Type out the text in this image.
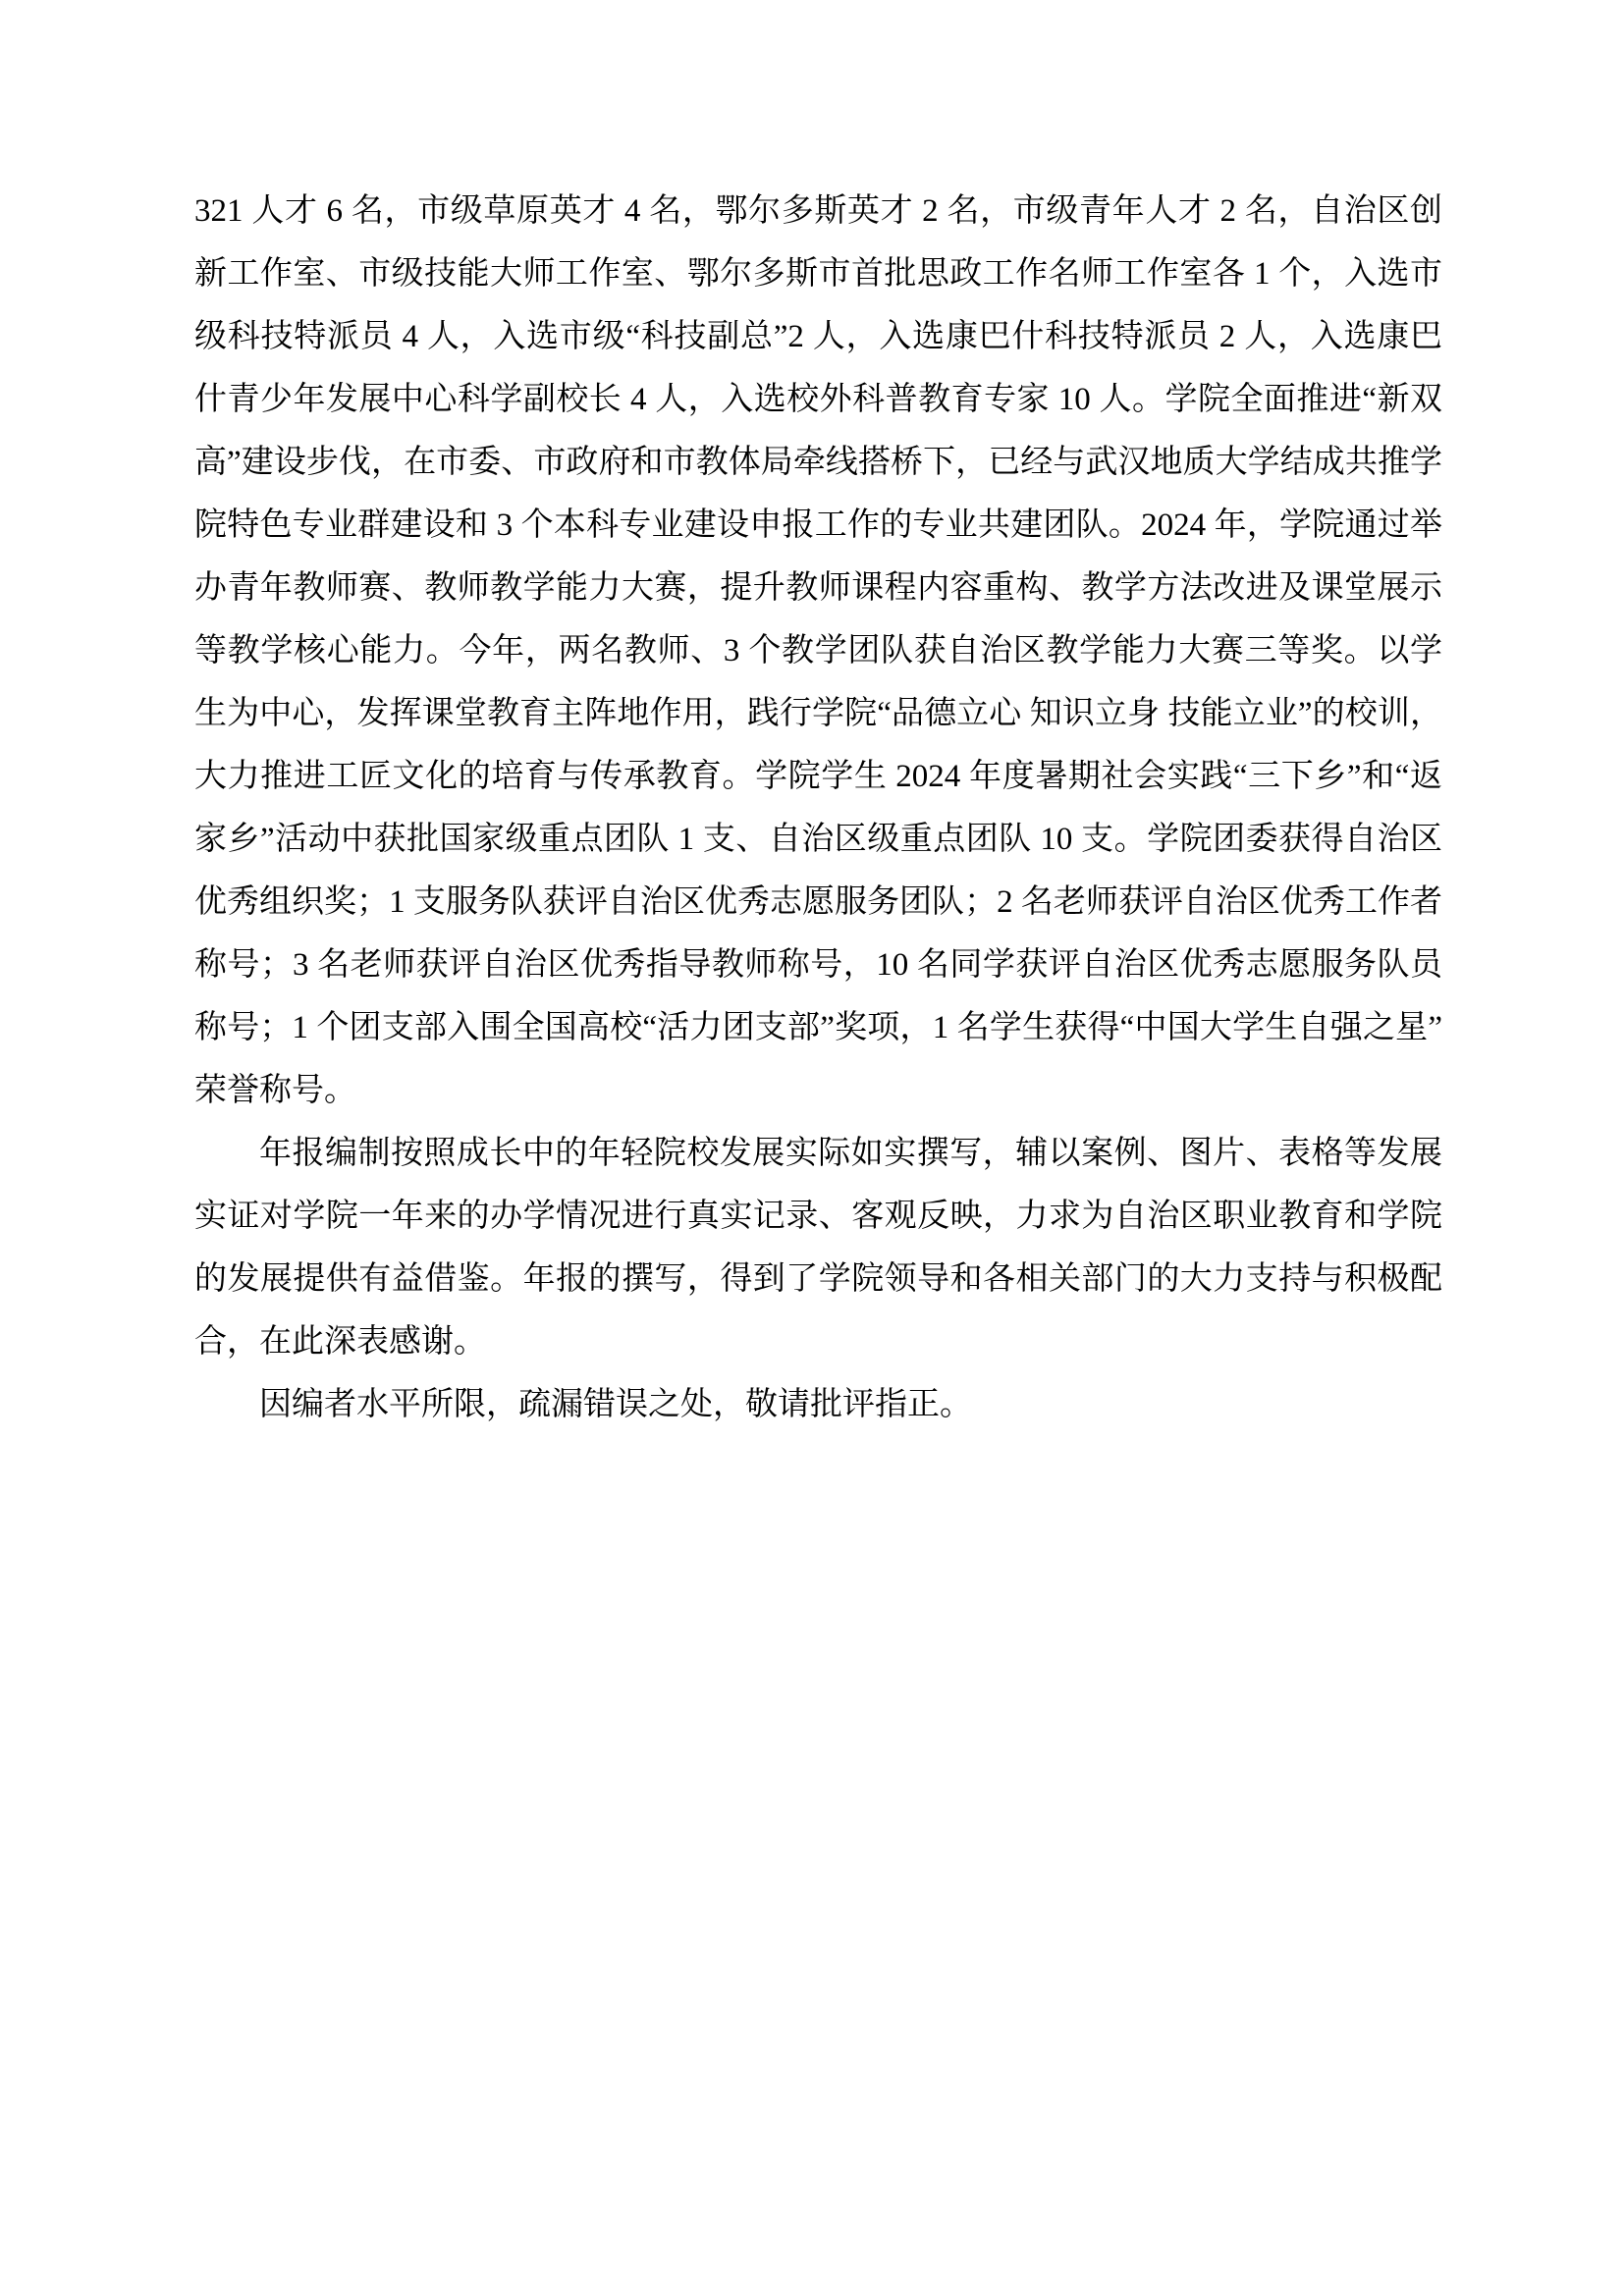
321 人才 6 名，市级草原英才 4 名，鄂尔多斯英才 2 名，市级青年人才 2 名，自治区创新工作室、市级技能大师工作室、鄂尔多斯市首批思政工作名师工作室各 1 个，入选市级科技特派员 4 人，入选市级“科技副总”2 人，入选康巴什科技特派员 2 人，入选康巴什青少年发展中心科学副校长 4 人，入选校外科普教育专家 10 人。学院全面推进“新双高”建设步伐，在市委、市政府和市教体局牵线搭桥下，已经与武汉地质大学结成共推学院特色专业群建设和 3 个本科专业建设申报工作的专业共建团队。2024 年，学院通过举办青年教师赛、教师教学能力大赛，提升教师课程内容重构、教学方法改进及课堂展示等教学核心能力。今年，两名教师、3 个教学团队获自治区教学能力大赛三等奖。以学生为中心，发挥课堂教育主阵地作用，践行学院“品德立心 知识立身 技能立业”的校训，大力推进工匠文化的培育与传承教育。学院学生 2024 年度暑期社会实践“三下乡”和“返家乡”活动中获批国家级重点团队 1 支、自治区级重点团队 10 支。学院团委获得自治区优秀组织奖；1 支服务队获评自治区优秀志愿服务团队；2 名老师获评自治区优秀工作者称号；3 名老师获评自治区优秀指导教师称号，10 名同学获评自治区优秀志愿服务队员称号；1 个团支部入围全国高校“活力团支部”奖项，1 名学生获得“中国大学生自强之星”荣誉称号。

年报编制按照成长中的年轻院校发展实际如实撰写，辅以案例、图片、表格等发展实证对学院一年来的办学情况进行真实记录、客观反映，力求为自治区职业教育和学院的发展提供有益借鉴。年报的撰写，得到了学院领导和各相关部门的大力支持与积极配合，在此深表感谢。

因编者水平所限，疏漏错误之处，敬请批评指正。
